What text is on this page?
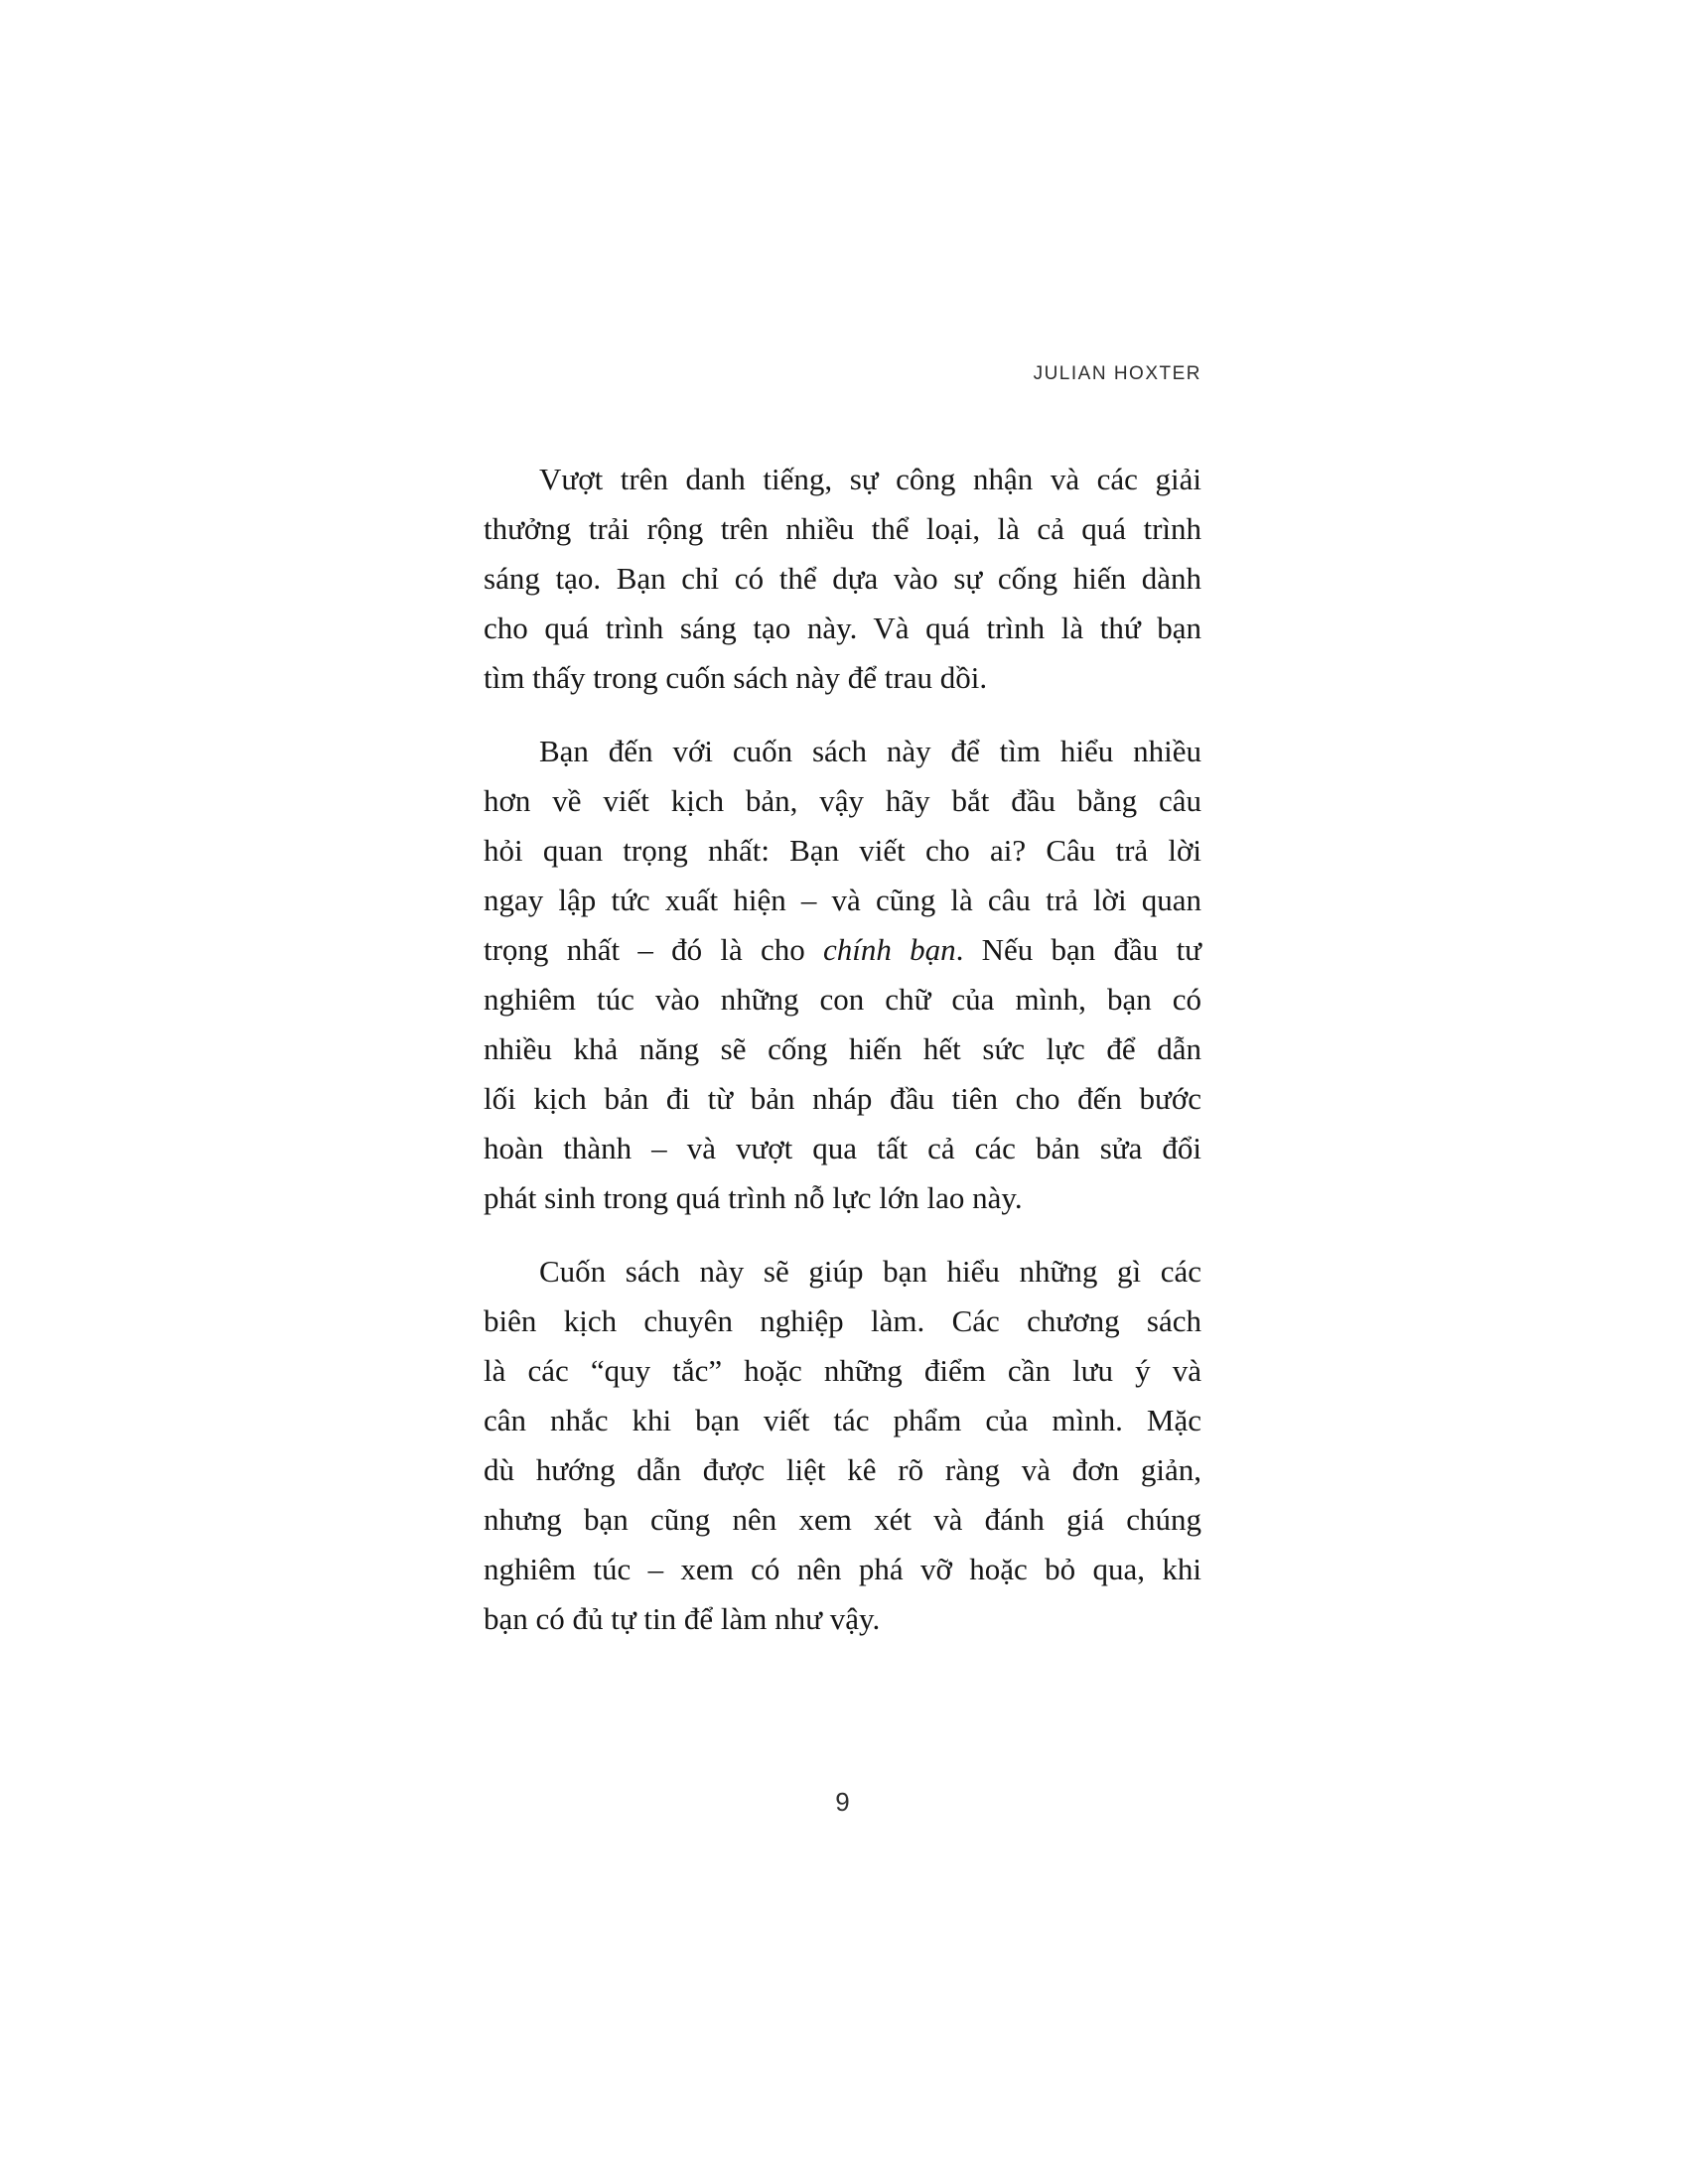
JULIAN HOXTER
Vượt trên danh tiếng, sự công nhận và các giải
thưởng trải rộng trên nhiều thể loại, là cả quá trình
sáng tạo. Bạn chỉ có thể dựa vào sự cống hiến dành
cho quá trình sáng tạo này. Và quá trình là thứ bạn
tìm thấy trong cuốn sách này để trau dồi.
Bạn đến với cuốn sách này để tìm hiểu nhiều
hơn về viết kịch bản, vậy hãy bắt đầu bằng câu
hỏi quan trọng nhất: Bạn viết cho ai? Câu trả lời
ngay lập tức xuất hiện – và cũng là câu trả lời quan
trọng nhất – đó là cho chính bạn. Nếu bạn đầu tư
nghiêm túc vào những con chữ của mình, bạn có
nhiều khả năng sẽ cống hiến hết sức lực để dẫn
lối kịch bản đi từ bản nháp đầu tiên cho đến bước
hoàn thành – và vượt qua tất cả các bản sửa đổi
phát sinh trong quá trình nỗ lực lớn lao này.
Cuốn sách này sẽ giúp bạn hiểu những gì các
biên kịch chuyên nghiệp làm. Các chương sách
là các “quy tắc” hoặc những điểm cần lưu ý và
cân nhắc khi bạn viết tác phẩm của mình. Mặc
dù hướng dẫn được liệt kê rõ ràng và đơn giản,
nhưng bạn cũng nên xem xét và đánh giá chúng
nghiêm túc – xem có nên phá vỡ hoặc bỏ qua, khi
bạn có đủ tự tin để làm như vậy.
9
